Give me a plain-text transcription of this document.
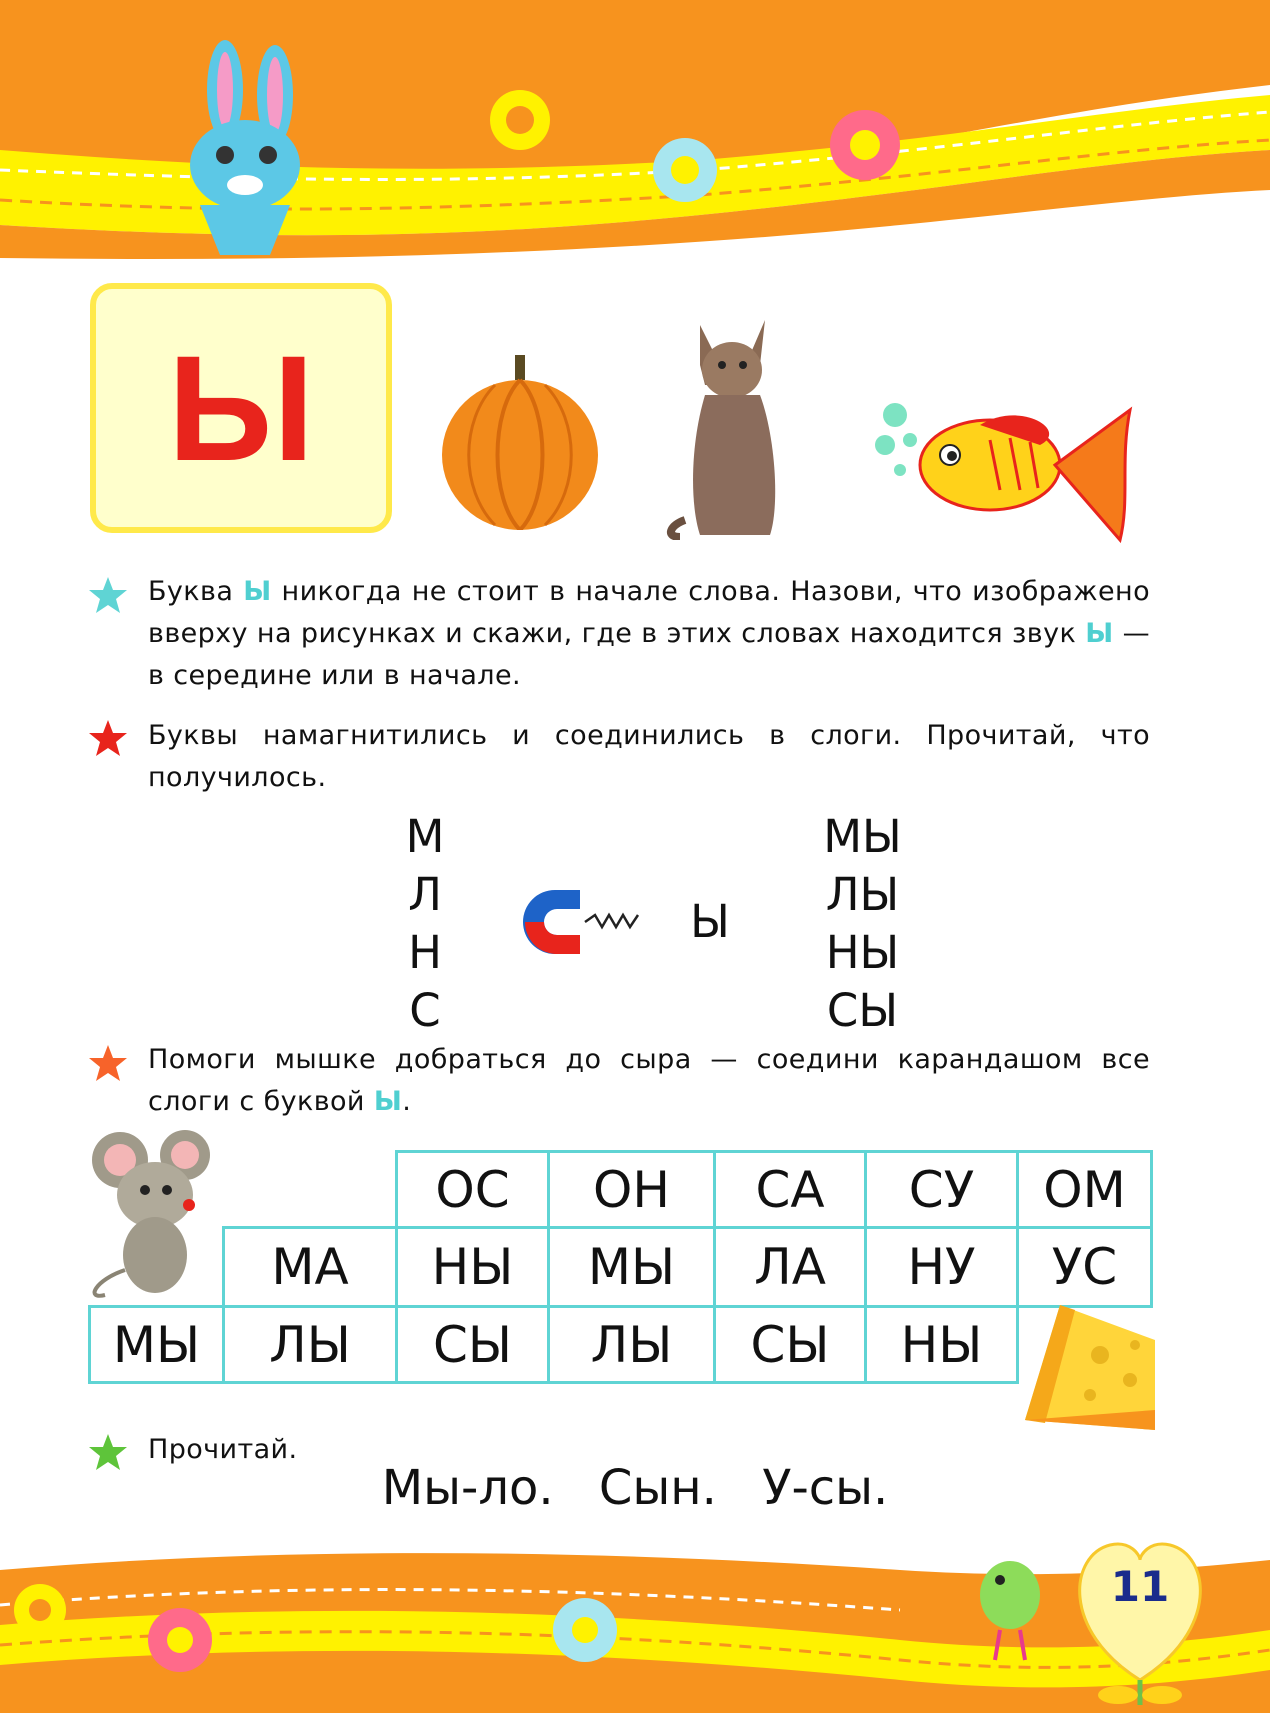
Ы
Буква Ы никогда не стоит в начале слова. Назови, что изображено вверху на рисунках и скажи, где в этих словах находится звук Ы — в середине или в начале.
Буквы намагнитились и соединились в слоги. Прочитай, что получилось.
М
Л
Н
С
Ы
МЫ
ЛЫ
НЫ
СЫ
Помоги мышке добраться до сыра — соедини карандашом все слоги с буквой Ы.
ОС	ОН	СА	СУ	ОМ
МА	НЫ	МЫ	ЛА	НУ	УС
МЫ	ЛЫ	СЫ	ЛЫ	СЫ	НЫ
Прочитай.
Мы-ло. Сын. У-сы.
11
